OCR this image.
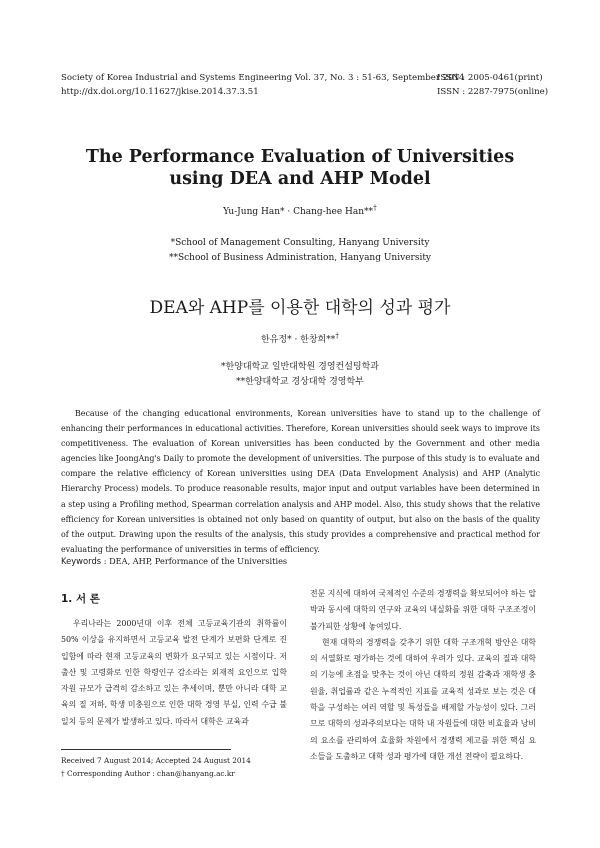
Society of Korea Industrial and Systems Engineering Vol. 37, No. 3 : 51-63, September 2014
http://dx.doi.org/10.11627/jkise.2014.37.3.51
ISSN : 2005-0461(print)
ISSN : 2287-7975(online)
The Performance Evaluation of Universities
using DEA and AHP Model
Yu-Jung Han* · Chang-hee Han**†
*School of Management Consulting, Hanyang University
**School of Business Administration, Hanyang University
DEA와 AHP를 이용한 대학의 성과 평가
한유정* · 한창희**†
*한양대학교 일반대학원 경영컨설팅학과
**한양대학교 경상대학 경영학부

Because of the changing educational environments, Korean universities have to stand up to the challenge of enhancing their performances in educational activities. Therefore, Korean universities should seek ways to improve its competitiveness. The evaluation of Korean universities has been conducted by the Government and other media agencies like JoongAng's Daily to promote the development of universities. The purpose of this study is to evaluate and compare the relative efficiency of Korean universities using DEA (Data Envelopment Analysis) and AHP (Analytic Hierarchy Process) models. To produce reasonable results, major input and output variables have been determined in a step using a Profiling method, Spearman correlation analysis and AHP model. Also, this study shows that the relative efficiency for Korean universities is obtained not only based on quantity of output, but also on the basis of the quality of the output. Drawing upon the results of the analysis, this study provides a comprehensive and practical method for evaluating the performance of universities in terms of efficiency.

Keywords : DEA, AHP, Performance of the Universities
1. 서 론

우리나라는 2000년대 이후 전체 고등교육기관의 취학률이 50% 이상을 유지하면서 고등교육 발전 단계가 보편화 단계로 진입함에 따라 현재 고등교육의 변화가 요구되고 있는 시점이다. 저출산 및 고령화로 인한 학령인구 감소라는 외재적 요인으로 입학 자원 규모가 급격히 감소하고 있는 추세이며, 뿐만 아니라 대학 교육의 질 저하, 학생 미충원으로 인한 대학 경영 부실, 인력 수급 불일치 등의 문제가 발생하고 있다. 따라서 대학은 교육과

전문 지식에 대하여 국제적인 수준의 경쟁력을 확보되어야 하는 압박과 동시에 대학의 연구와 교육의 내실화를 위한 대학 구조조정이 불가피한 상황에 놓여있다.
현재 대학의 경쟁력을 갖추기 위한 대학 구조개혁 방안은 대학의 서열화로 평가하는 것에 대하여 우려가 있다. 교육의 질과 대학의 기능에 초점을 맞추는 것이 아닌 대학의 정원 감축과 재학생 충원율, 취업률과 같은 누적적인 지표를 교육적 성과로 보는 것은 대학을 구성하는 여러 역할 및 특성들을 배제할 가능성이 있다. 그러므로 대학의 성과주의보다는 대학 내 자원들에 대한 비효율과 낭비의 요소를 관리하여 효율화 차원에서 경쟁력 제고를 위한 핵심 요소들을 도출하고 대학 성과 평가에 대한 개선 전략이 필요하다.
Received 7 August 2014; Accepted 24 August 2014
† Corresponding Author : chan@hanyang.ac.kr
